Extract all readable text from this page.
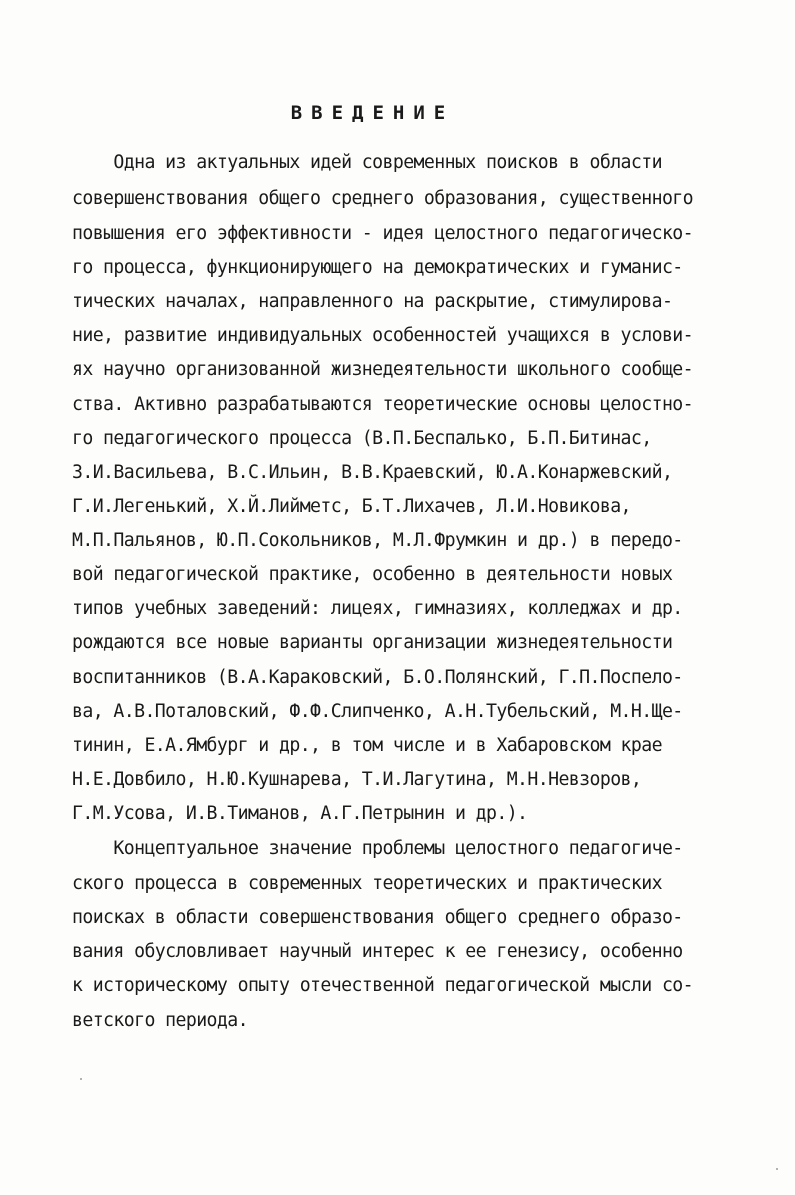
ВВЕДЕНИЕ
Одна из актуальных идей современных поисков в области
совершенствования общего среднего образования, существенного
повышения его эффективности - идея целостного педагогическо-
го процесса, функционирующего на демократических и гуманис-
тических началах, направленного на раскрытие, стимулирова-
ние, развитие индивидуальных особенностей учащихся в услови-
ях научно организованной жизнедеятельности школьного сообще-
ства. Активно разрабатываются теоретические основы целостно-
го педагогического процесса (В.П.Беспалько, Б.П.Битинас,
З.И.Васильева, В.С.Ильин, В.В.Краевский, Ю.А.Конаржевский,
Г.И.Легенький, Х.Й.Лийметс, Б.Т.Лихачев, Л.И.Новикова,
М.П.Пальянов, Ю.П.Сокольников, М.Л.Фрумкин и др.) в передо-
вой педагогической практике, особенно в деятельности новых
типов учебных заведений: лицеях, гимназиях, колледжах и др.
рождаются все новые варианты организации жизнедеятельности
воспитанников (В.А.Караковский, Б.О.Полянский, Г.П.Поспело-
ва, А.В.Поталовский, Ф.Ф.Слипченко, А.Н.Тубельский, М.Н.Ще-
тинин, Е.А.Ямбург и др., в том числе и в Хабаровском крае
Н.Е.Довбило, Н.Ю.Кушнарева, Т.И.Лагутина, М.Н.Невзоров,
Г.М.Усова, И.В.Тиманов, А.Г.Петрынин и др.).
Концептуальное значение проблемы целостного педагогиче-
ского процесса в современных теоретических и практических
поисках в области совершенствования общего среднего образо-
вания обусловливает научный интерес к ее генезису, особенно
к историческому опыту отечественной педагогической мысли со-
ветского периода.
